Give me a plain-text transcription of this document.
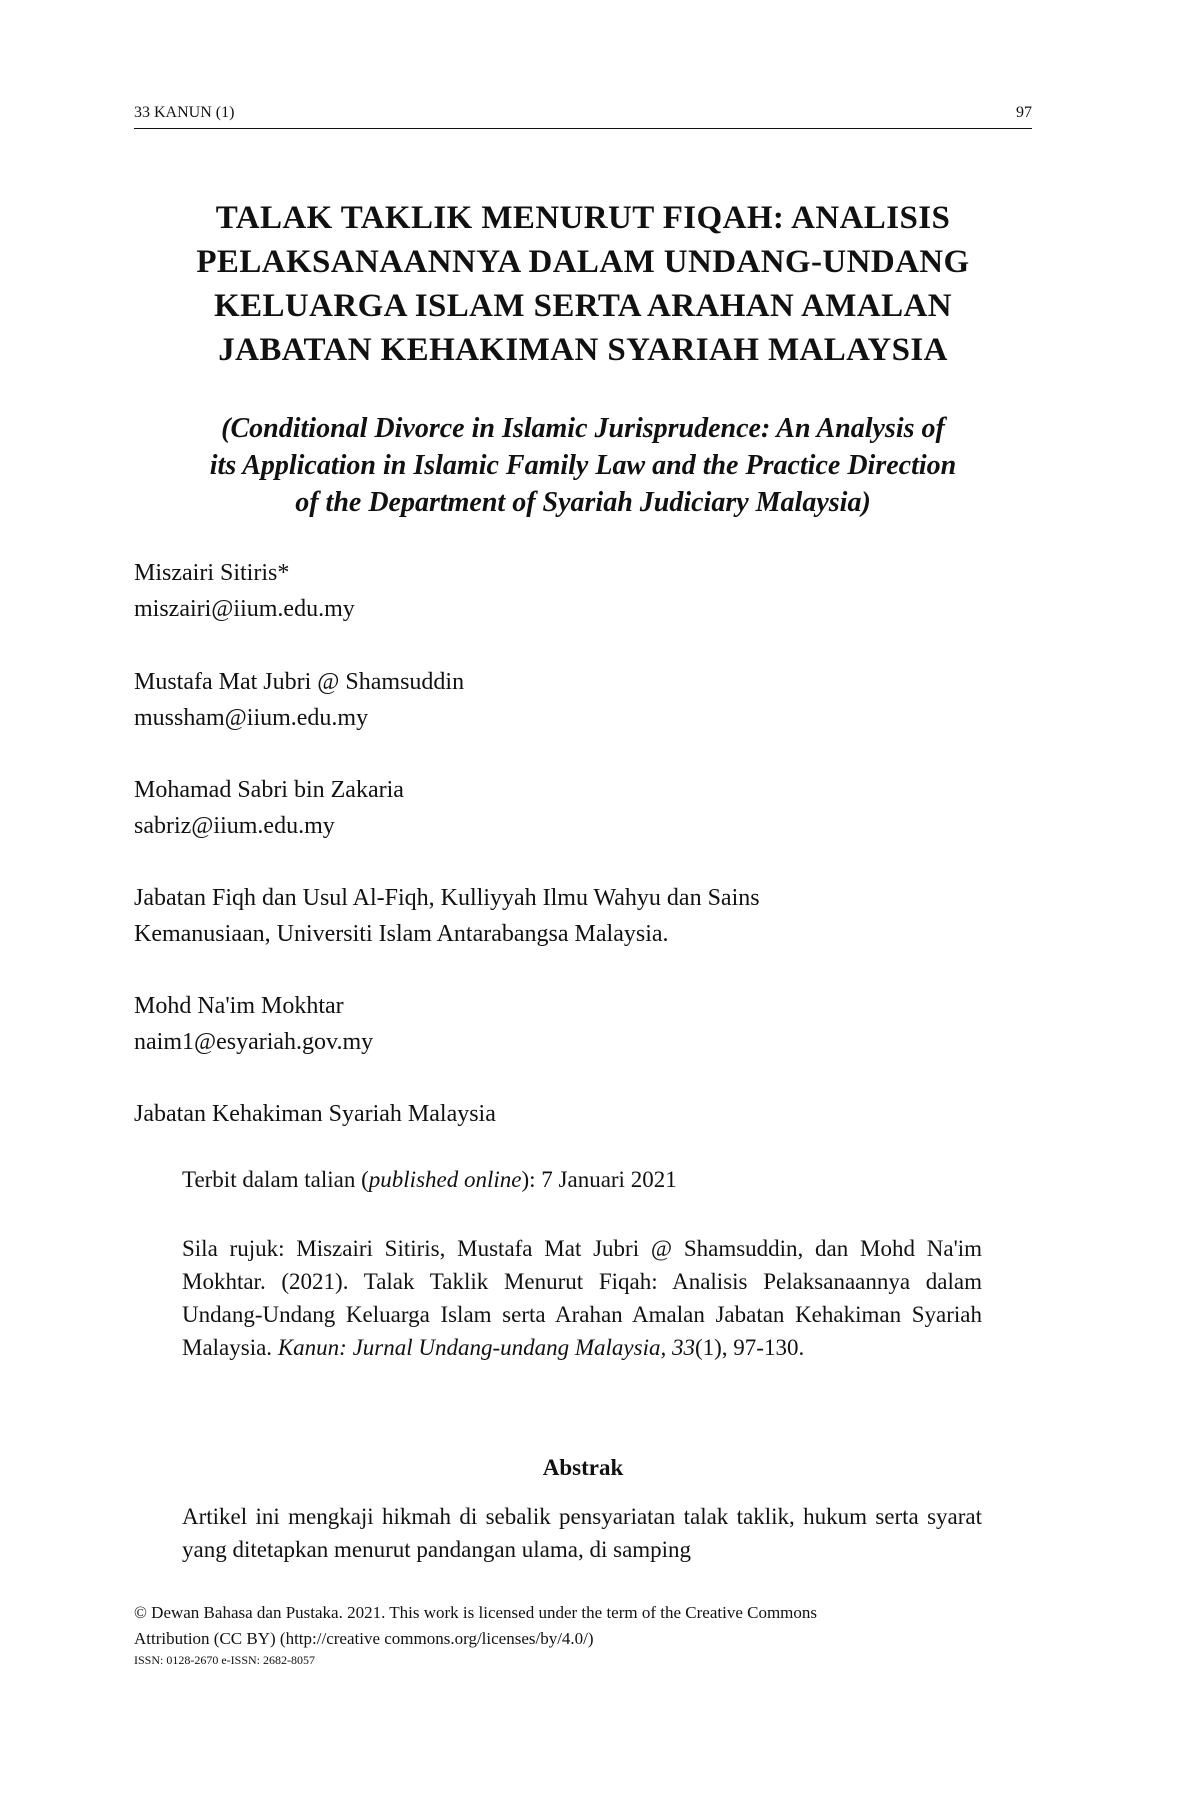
33 KANUN (1)	97
TALAK TAKLIK MENURUT FIQAH: ANALISIS
PELAKSANAANNYA DALAM UNDANG-UNDANG
KELUARGA ISLAM SERTA ARAHAN AMALAN
JABATAN KEHAKIMAN SYARIAH MALAYSIA
(Conditional Divorce in Islamic Jurisprudence: An Analysis of
its Application in Islamic Family Law and the Practice Direction
of the Department of Syariah Judiciary Malaysia)
Miszairi Sitiris*
miszairi@iium.edu.my
Mustafa Mat Jubri @ Shamsuddin
mussham@iium.edu.my
Mohamad Sabri bin Zakaria
sabriz@iium.edu.my
Jabatan Fiqh dan Usul Al-Fiqh, Kulliyyah Ilmu Wahyu dan Sains
Kemanusiaan, Universiti Islam Antarabangsa Malaysia.
Mohd Na'im Mokhtar
naim1@esyariah.gov.my
Jabatan Kehakiman Syariah Malaysia
Terbit dalam talian (published online): 7 Januari 2021
Sila rujuk: Miszairi Sitiris, Mustafa Mat Jubri @ Shamsuddin, dan Mohd Na'im Mokhtar. (2021). Talak Taklik Menurut Fiqah: Analisis Pelaksanaannya dalam Undang-Undang Keluarga Islam serta Arahan Amalan Jabatan Kehakiman Syariah Malaysia. Kanun: Jurnal Undang-undang Malaysia, 33(1), 97-130.
Abstrak
Artikel ini mengkaji hikmah di sebalik pensyariatan talak taklik, hukum serta syarat yang ditetapkan menurut pandangan ulama, di samping
© Dewan Bahasa dan Pustaka. 2021. This work is licensed under the term of the Creative Commons
Attribution (CC BY) (http://creative commons.org/licenses/by/4.0/)
ISSN: 0128-2670 e-ISSN: 2682-8057
